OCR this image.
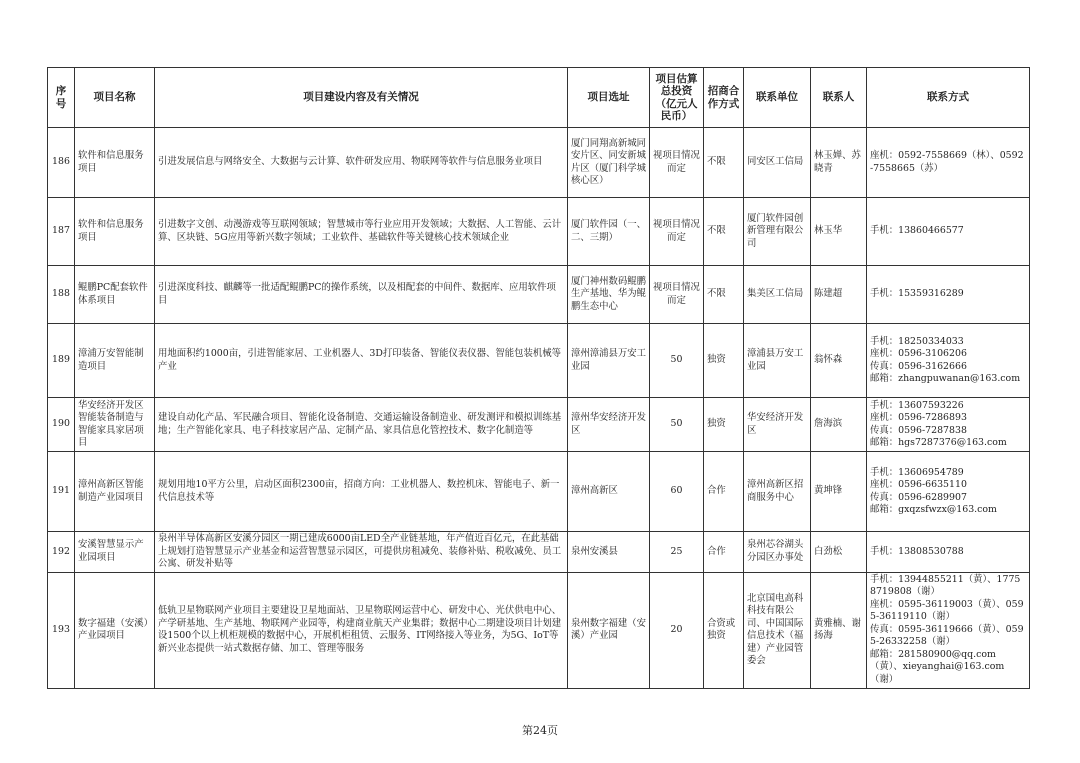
序号	项目名称	项目建设内容及有关情况	项目选址	项目估算总投资（亿元人民币）	招商合作方式	联系单位	联系人	联系方式
186	软件和信息服务项目	引进发展信息与网络安全、大数据与云计算、软件研发应用、物联网等软件与信息服务业项目	厦门同翔高新城同安片区、同安新城片区（厦门科学城核心区）	视项目情况而定	不限	同安区工信局	林玉婵、苏晓青	座机：0592-7558669（林）、0592-7558665（苏）

187	软件和信息服务项目	引进数字文创、动漫游戏等互联网领域；智慧城市等行业应用开发领域；大数据、人工智能、云计算、区块链、5G应用等新兴数字领域；工业软件、基础软件等关键核心技术领域企业	厦门软件园（一、二、三期）	视项目情况而定	不限	厦门软件园创新管理有限公司	林玉华	手机：13860466577

188	鲲鹏PC配套软件体系项目	引进深度科技、麒麟等一批适配鲲鹏PC的操作系统，以及相配套的中间件、数据库、应用软件项目	厦门神州数码鲲鹏生产基地、华为鲲鹏生态中心	视项目情况而定	不限	集美区工信局	陈建超	手机：15359316289

189	漳浦万安智能制造项目	用地面积约1000亩，引进智能家居、工业机器人、3D打印装备、智能仪表仪器、智能包装机械等产业	漳州漳浦县万安工业园	50	独资	漳浦县万安工业园	翁怀森	手机：18250334033
座机：0596-3106206
传真：0596-3162666
邮箱：zhangpuwanan@163.com

190	华安经济开发区智能装备制造与智能家具家居项目	建设自动化产品、军民融合项目、智能化设备制造、交通运输设备制造业、研发测评和模拟训练基地；生产智能化家具、电子科技家居产品、定制产品、家具信息化管控技术、数字化制造等	漳州华安经济开发区	50	独资	华安经济开发区	詹海滨	手机：13607593226
座机：0596-7286893
传真：0596-7287838
邮箱：hgs7287376@163.com

191	漳州高新区智能制造产业园项目	规划用地10平方公里，启动区面积2300亩，招商方向：工业机器人、数控机床、智能电子、新一代信息技术等	漳州高新区	60	合作	漳州高新区招商服务中心	黄坤锋	手机：13606954789
座机：0596-6635110
传真：0596-6289907
邮箱：gxqzsfwzx@163.com

192	安溪智慧显示产业园项目	泉州半导体高新区安溪分园区一期已建成6000亩LED全产业链基地，年产值近百亿元，在此基础上规划打造智慧显示产业基金和运营智慧显示园区，可提供房租减免、装修补贴、税收减免、员工公寓、研发补贴等	泉州安溪县	25	合作	泉州芯谷湖头分园区办事处	白劲松	手机：13808530788

193	数字福建（安溪）产业园项目	低轨卫星物联网产业项目主要建设卫星地面站、卫星物联网运营中心、研发中心、光伏供电中心、产学研基地、生产基地、物联网产业园等，构建商业航天产业集群；数据中心二期建设项目计划建设1500个以上机柜规模的数据中心，开展机柜租赁、云服务、IT网络接入等业务，为5G、IoT等新兴业态提供一站式数据存储、加工、管理等服务	泉州数字福建（安溪）产业园	20	合资或独资	北京国电高科科技有限公司、中国国际信息技术（福建）产业园管委会	黄雅楠、谢扬海	手机：13944855211（黄）、17758719808（谢）
座机：0595-36119003（黄）、0595-36119110（谢）
传真：0595-36119666（黄）、0595-26332258（谢）
邮箱：281580900@qq.com（黄）、xieyanghai@163.com（谢）
第24页
